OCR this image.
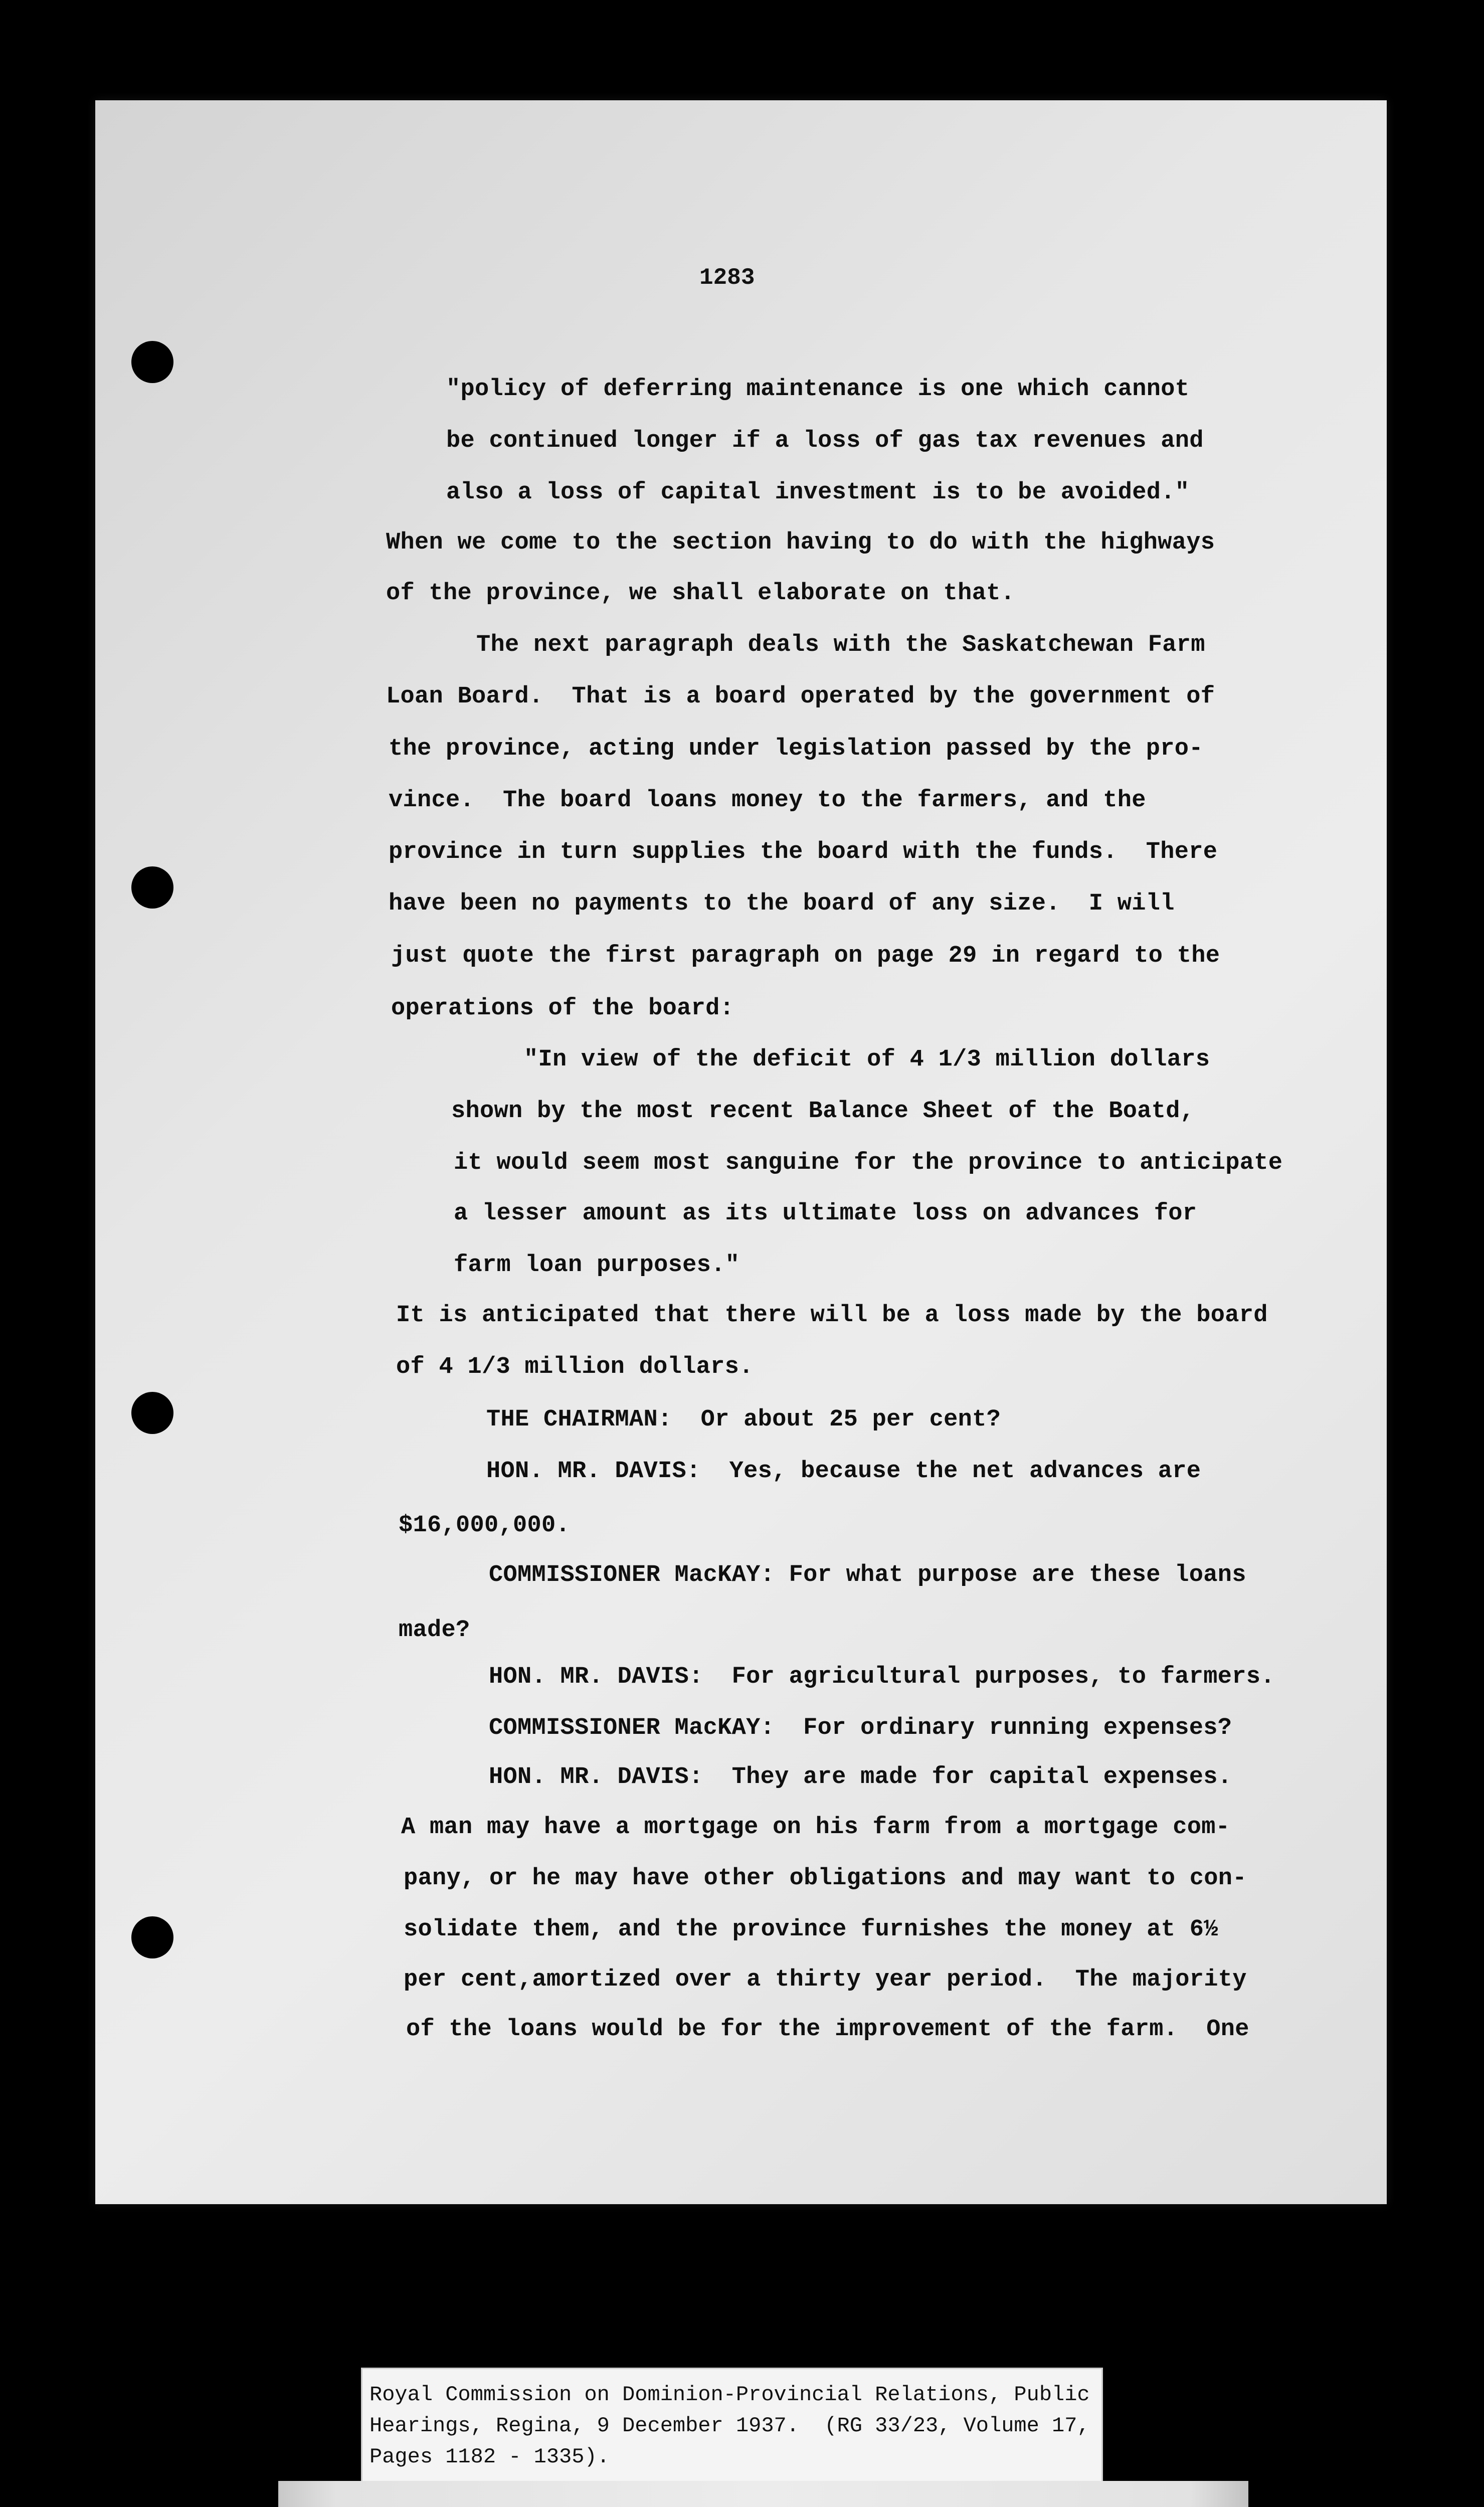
1283
"policy of deferring maintenance is one which cannot
be continued longer if a loss of gas tax revenues and
also a loss of capital investment is to be avoided."
When we come to the section having to do with the highways
of the province, we shall elaborate on that.
The next paragraph deals with the Saskatchewan Farm
Loan Board.  That is a board operated by the government of
the province, acting under legislation passed by the pro-
vince.  The board loans money to the farmers, and the
province in turn supplies the board with the funds.  There
have been no payments to the board of any size.  I will
just quote the first paragraph on page 29 in regard to the
operations of the board:
"In view of the deficit of 4 1/3 million dollars
shown by the most recent Balance Sheet of the Boatd,
it would seem most sanguine for the province to anticipate
a lesser amount as its ultimate loss on advances for
farm loan purposes."
It is anticipated that there will be a loss made by the board
of 4 1/3 million dollars.
THE CHAIRMAN:  Or about 25 per cent?
HON. MR. DAVIS:  Yes, because the net advances are
$16,000,000.
COMMISSIONER MacKAY: For what purpose are these loans
made?
HON. MR. DAVIS:  For agricultural purposes, to farmers.
COMMISSIONER MacKAY:  For ordinary running expenses?
HON. MR. DAVIS:  They are made for capital expenses.
A man may have a mortgage on his farm from a mortgage com-
pany, or he may have other obligations and may want to con-
solidate them, and the province furnishes the money at 6½
per cent,amortized over a thirty year period.  The majority
of the loans would be for the improvement of the farm.  One
Royal Commission on Dominion-Provincial Relations, Public
Hearings, Regina, 9 December 1937.  (RG 33/23, Volume 17,
Pages 1182 - 1335).
